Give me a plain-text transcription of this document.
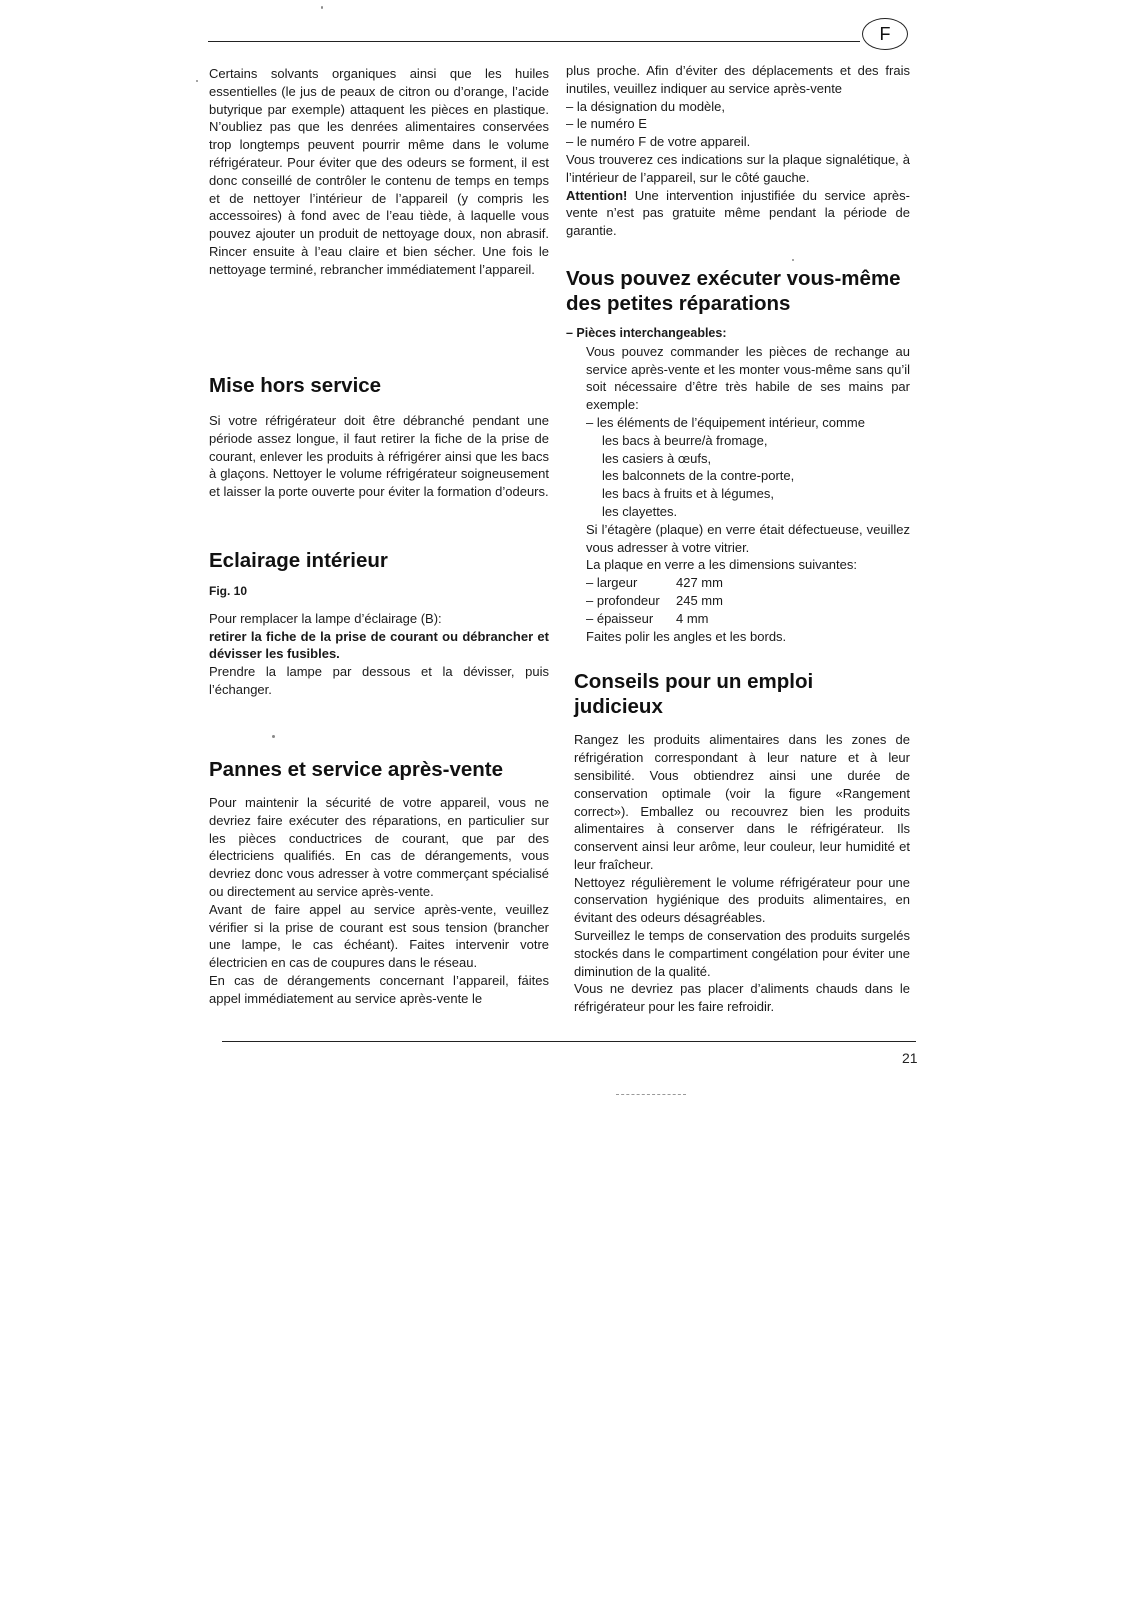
F

Certains solvants organiques ainsi que les huiles essentielles (le jus de peaux de citron ou d’orange, l’acide butyrique par exemple) attaquent les pièces en plastique. N’oubliez pas que les denrées alimentaires conservées trop longtemps peuvent pourrir même dans le volume réfrigérateur. Pour éviter que des odeurs se forment, il est donc conseillé de contrôler le contenu de temps en temps et de nettoyer l’intérieur de l’appareil (y compris les accessoires) à fond avec de l’eau tiède, à laquelle vous pouvez ajouter un produit de nettoyage doux, non abrasif. Rincer ensuite à l’eau claire et bien sécher. Une fois le nettoyage terminé, rebrancher immédiatement l’appareil.

Mise hors service

Si votre réfrigérateur doit être débranché pendant une période assez longue, il faut retirer la fiche de la prise de courant, enlever les produits à réfrigérer ainsi que les bacs à glaçons. Nettoyer le volume réfrigérateur soigneusement et laisser la porte ouverte pour éviter la formation d’odeurs.

Eclairage intérieur
Fig. 10

Pour remplacer la lampe d’éclairage (B):

retirer la fiche de la prise de courant ou débrancher et dévisser les fusibles.

Prendre la lampe par dessous et la dévisser, puis l’échanger.

Pannes et service après-vente

Pour maintenir la sécurité de votre appareil, vous ne devriez faire exécuter des réparations, en particulier sur les pièces conductrices de courant, que par des électriciens qualifiés. En cas de dérangements, vous devriez donc vous adresser à votre commerçant spécialisé ou directement au service après-vente.

Avant de faire appel au service après-vente, veuillez vérifier si la prise de courant est sous tension (brancher une lampe, le cas échéant). Faites intervenir votre électricien en cas de coupures dans le réseau.

En cas de dérangements concernant l’appareil, faites appel immédiatement au service après-vente le

plus proche. Afin d’éviter des déplacements et des frais inutiles, veuillez indiquer au service après-vente

– la désignation du modèle,
– le numéro E
– le numéro F de votre appareil.

Vous trouverez ces indications sur la plaque signalétique, à l’intérieur de l’appareil, sur le côté gauche.

Attention! Une intervention injustifiée du service après-vente n’est pas gratuite même pendant la période de garantie.

Vous pouvez exécuter vous-même des petites réparations
– Pièces interchangeables:

Vous pouvez commander les pièces de rechange au service après-vente et les monter vous-même sans qu’il soit nécessaire d’être très habile de ses mains par exemple:

– les éléments de l’équipement intérieur, comme
les bacs à beurre/à fromage,
les casiers à œufs,
les balconnets de la contre-porte,
les bacs à fruits et à légumes,
les clayettes.

Si l’étagère (plaque) en verre était défectueuse, veuillez vous adresser à votre vitrier.

La plaque en verre a les dimensions suivantes:

– largeur	427 mm
– profondeur 245 mm
– épaisseur 4 mm

Faites polir les angles et les bords.

Conseils pour un emploi judicieux

Rangez les produits alimentaires dans les zones de réfrigération correspondant à leur nature et à leur sensibilité. Vous obtiendrez ainsi une durée de conservation optimale (voir la figure «Rangement correct»). Emballez ou recouvrez bien les produits alimentaires à conserver dans le réfrigérateur. Ils conservent ainsi leur arôme, leur couleur, leur humidité et leur fraîcheur.

Nettoyez régulièrement le volume réfrigérateur pour une conservation hygiénique des produits alimentaires, en évitant des odeurs désagréables.

Surveillez le temps de conservation des produits surgelés stockés dans le compartiment congélation pour éviter une diminution de la qualité.

Vous ne devriez pas placer d’aliments chauds dans le réfrigérateur pour les faire refroidir.

21
